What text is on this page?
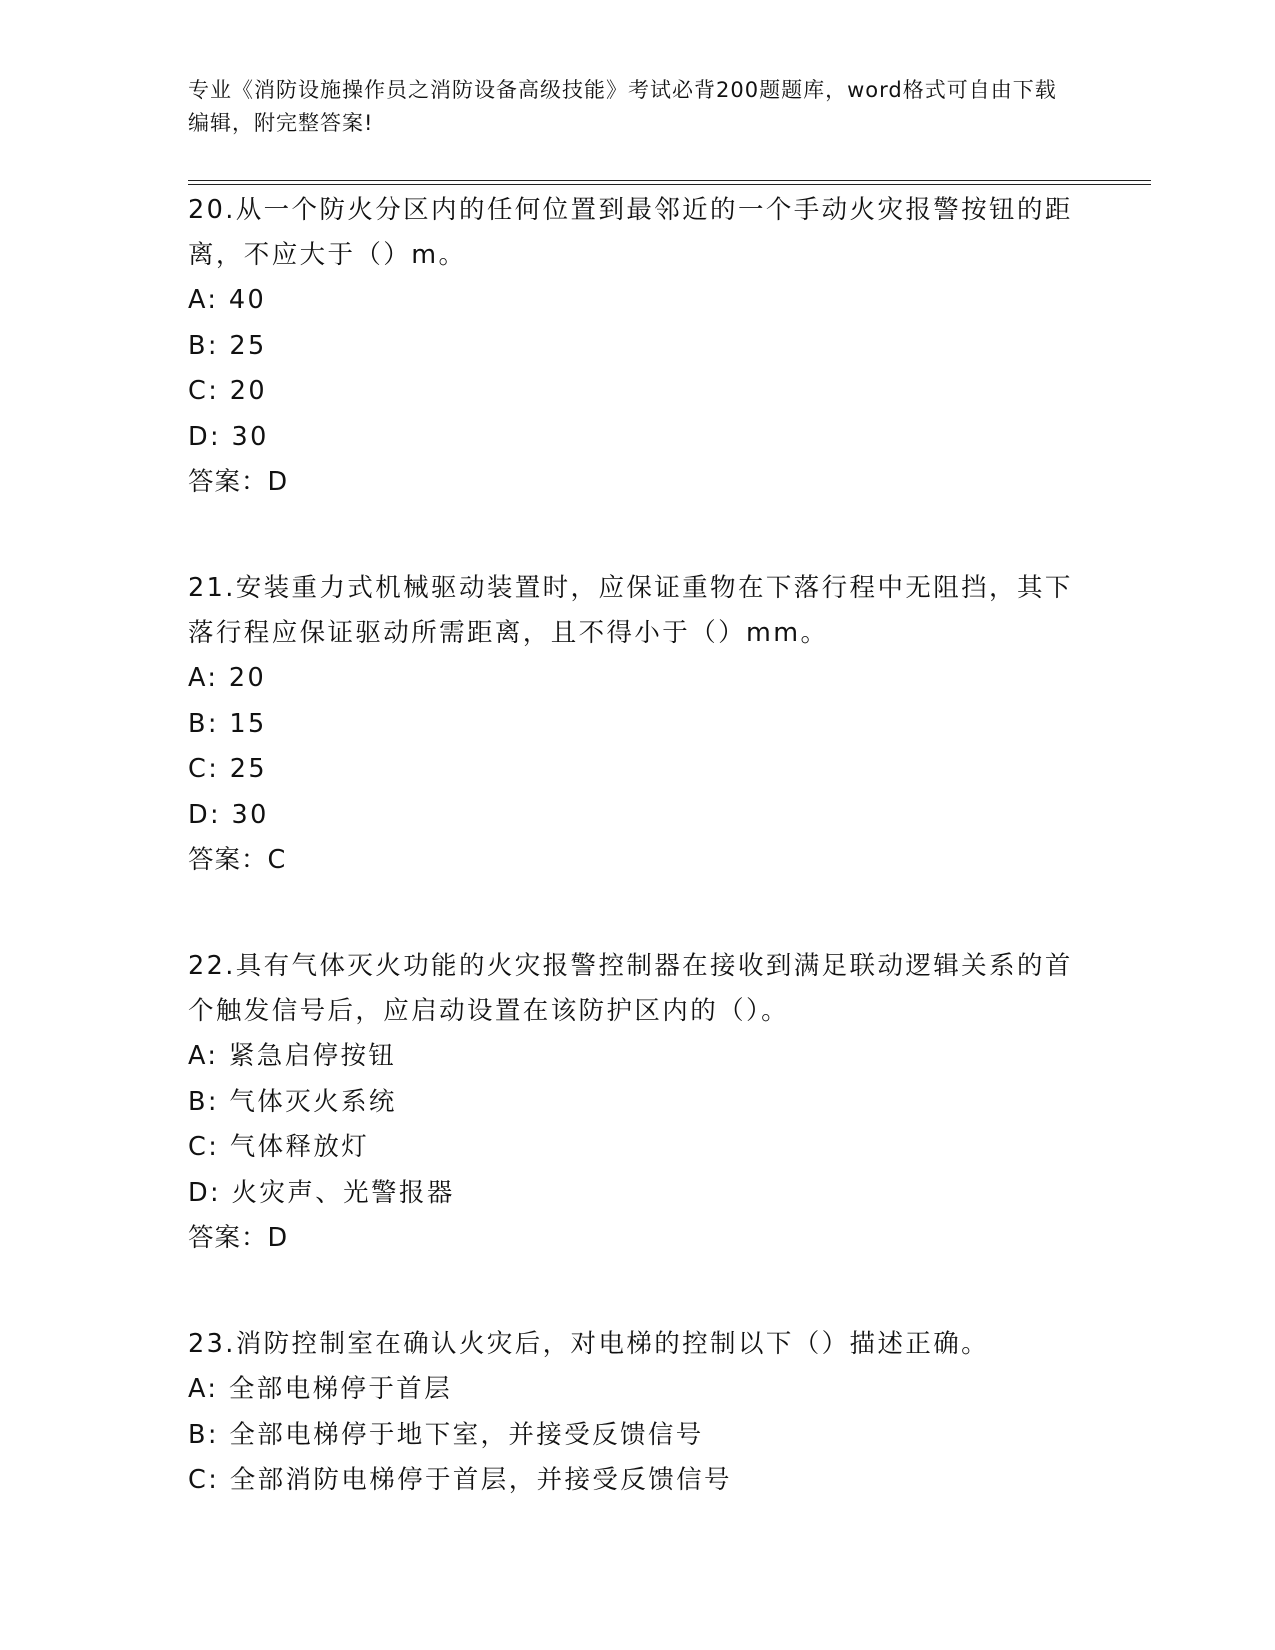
专业《消防设施操作员之消防设备高级技能》考试必背200题题库，word格式可自由下载编辑，附完整答案!

20.从一个防火分区内的任何位置到最邻近的一个手动火灾报警按钮的距离，不应大于（）m。

A: 40

B: 25

C: 20

D: 30

答案：D

21.安装重力式机械驱动装置时，应保证重物在下落行程中无阻挡，其下落行程应保证驱动所需距离，且不得小于（）mm。

A: 20

B: 15

C: 25

D: 30

答案：C

22.具有气体灭火功能的火灾报警控制器在接收到满足联动逻辑关系的首个触发信号后，应启动设置在该防护区内的（）。

A: 紧急启停按钮

B: 气体灭火系统

C: 气体释放灯

D: 火灾声、光警报器

答案：D

23.消防控制室在确认火灾后，对电梯的控制以下（）描述正确。

A: 全部电梯停于首层

B: 全部电梯停于地下室，并接受反馈信号

C: 全部消防电梯停于首层，并接受反馈信号
